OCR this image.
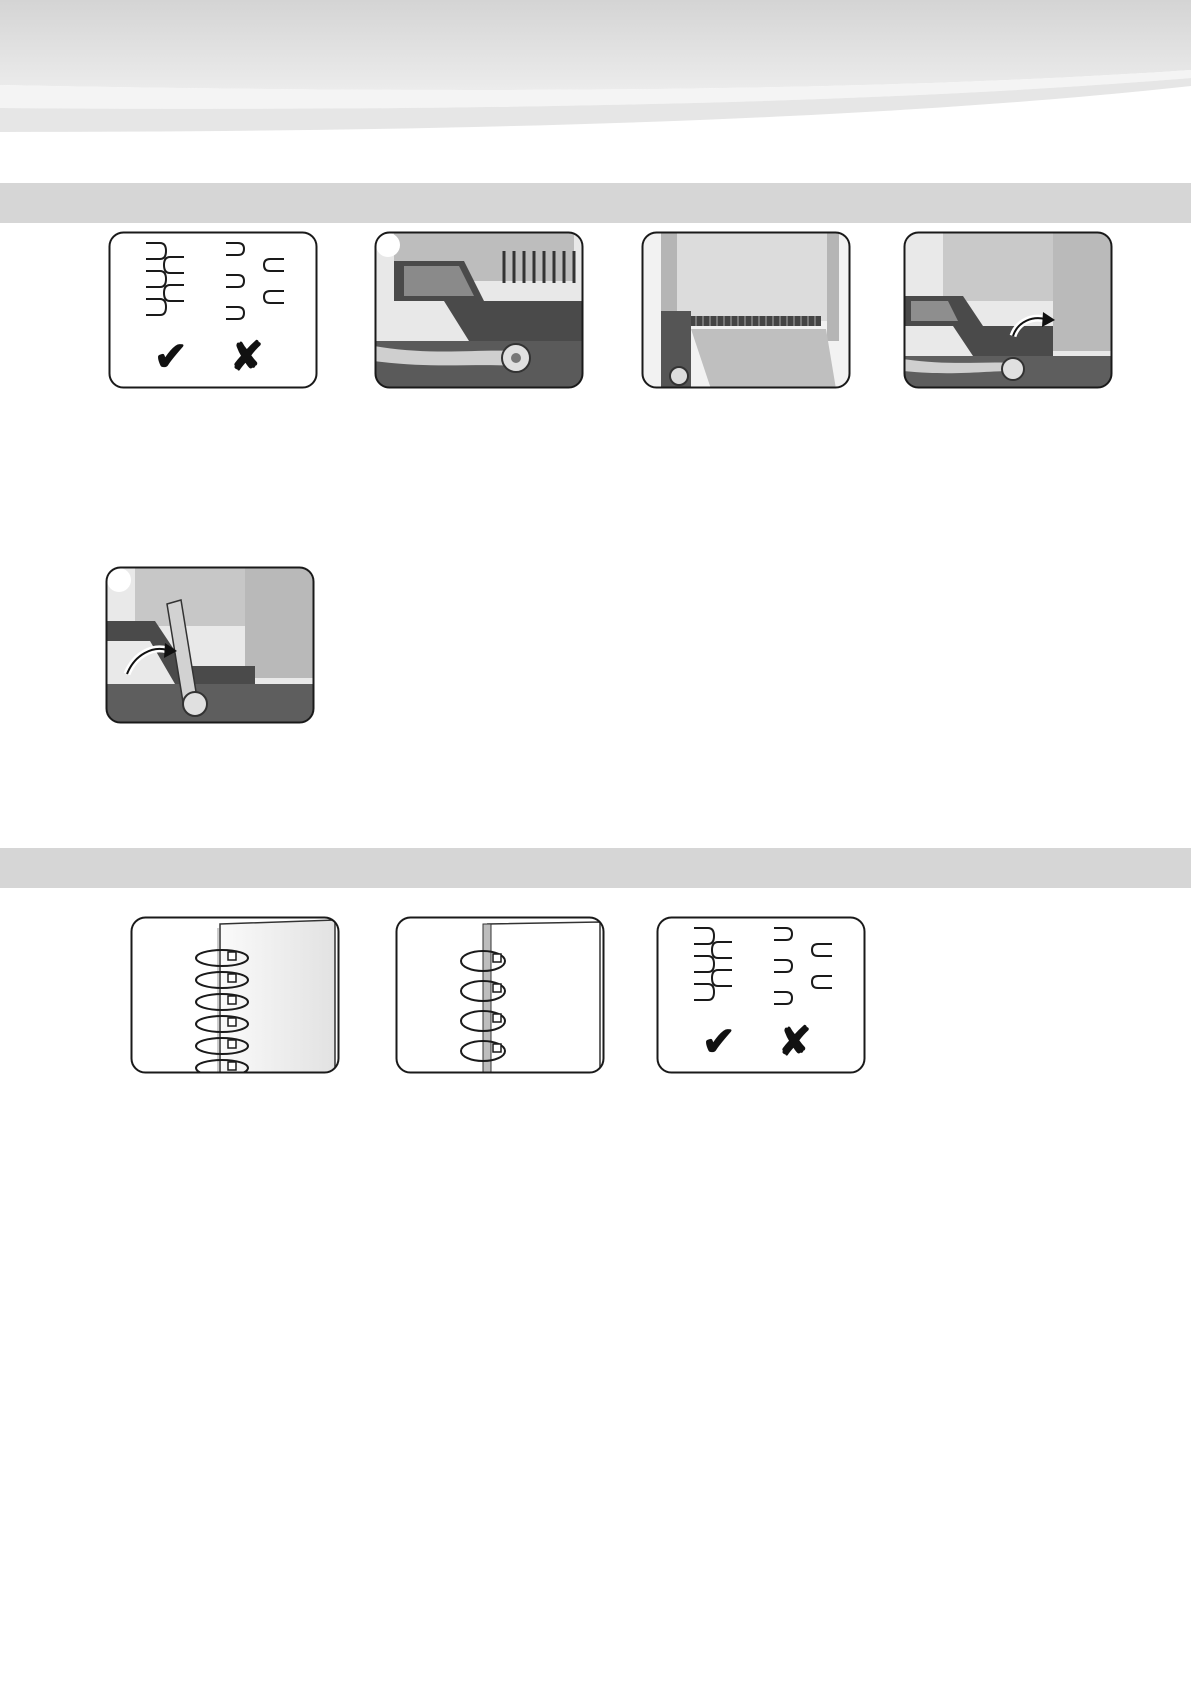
✔ ✘
✔ ✘
